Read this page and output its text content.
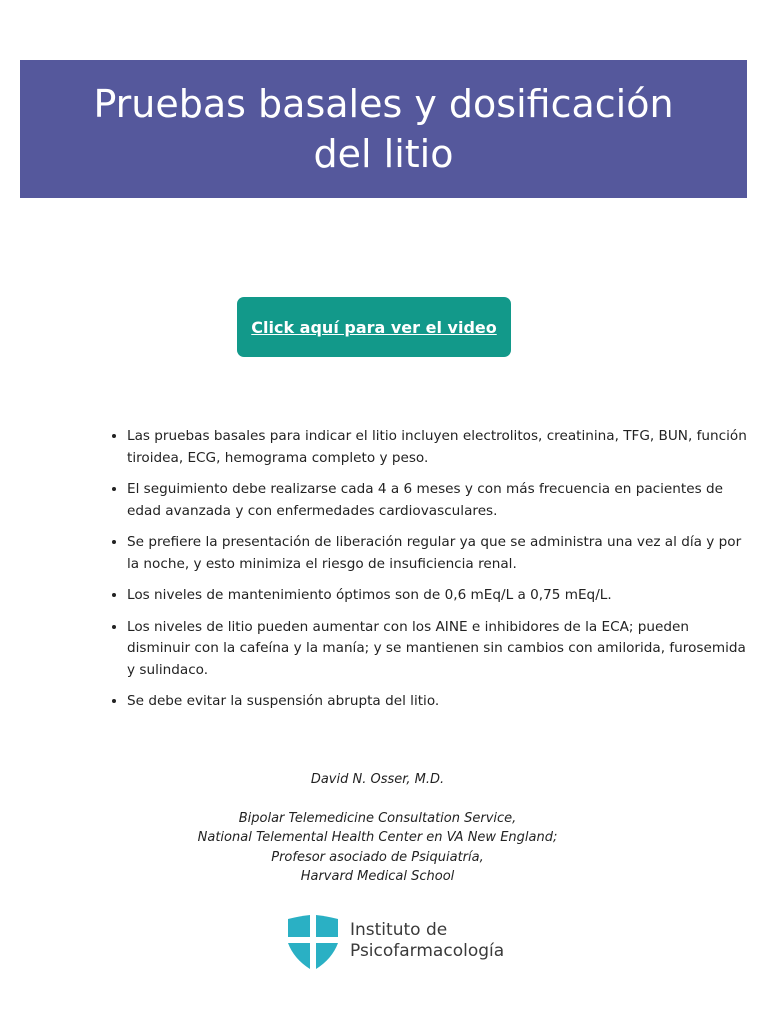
Pruebas basales y dosificación del litio
Click aquí para ver el video
• Las pruebas basales para indicar el litio incluyen electrolitos, creatinina, TFG, BUN, función tiroidea, ECG, hemograma completo y peso.
• El seguimiento debe realizarse cada 4 a 6 meses y con más frecuencia en pacientes de edad avanzada y con enfermedades cardiovasculares.
• Se prefiere la presentación de liberación regular ya que se administra una vez al día y por la noche, y esto minimiza el riesgo de insuficiencia renal.
• Los niveles de mantenimiento óptimos son de 0,6 mEq/L a 0,75 mEq/L.
• Los niveles de litio pueden aumentar con los AINE e inhibidores de la ECA; pueden disminuir con la cafeína y la manía; y se mantienen sin cambios con amilorida, furosemida y sulindaco.
• Se debe evitar la suspensión abrupta del litio.
David N. Osser, M.D.
Bipolar Telemedicine Consultation Service,
National Telemental Health Center en VA New England;
Profesor asociado de Psiquiatría,
Harvard Medical School
Instituto de
Psicofarmacología
